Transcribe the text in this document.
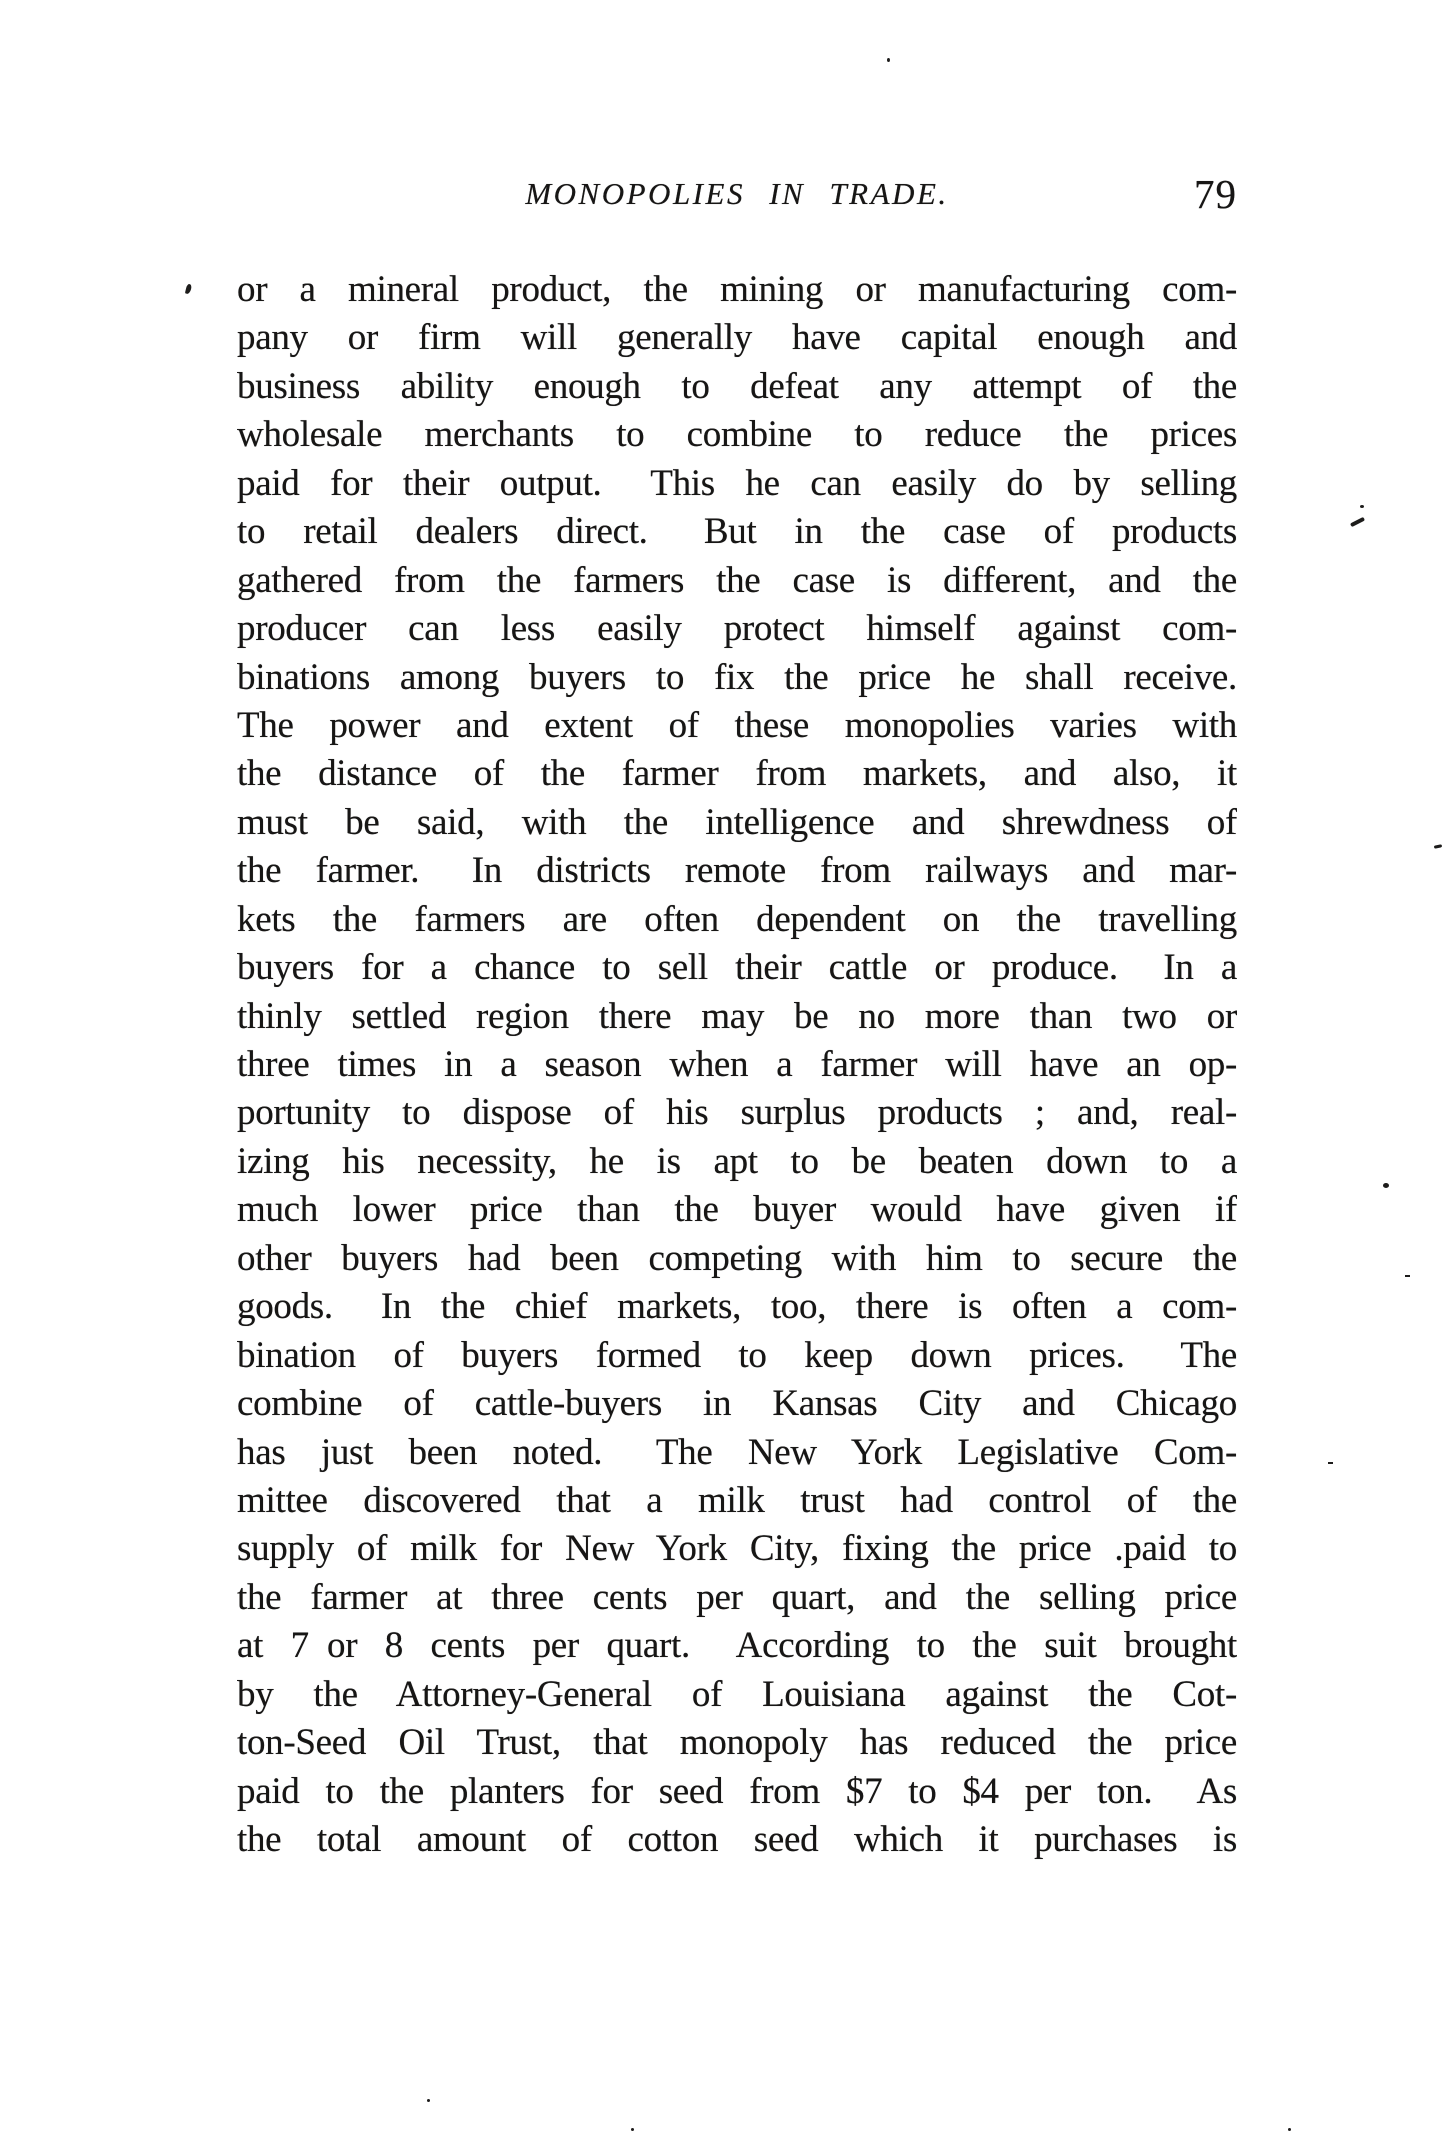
MONOPOLIES IN TRADE.	79
or a mineral product, the mining or manufacturing com-
pany or firm will generally have capital enough and
business ability enough to defeat any attempt of the
wholesale merchants to combine to reduce the prices
paid for their output.  This he can easily do by selling
to retail dealers direct.  But in the case of products
gathered from the farmers the case is different, and the
producer can less easily protect himself against com-
binations among buyers to fix the price he shall receive.
The power and extent of these monopolies varies with
the distance of the farmer from markets, and also, it
must be said, with the intelligence and shrewdness of
the farmer.  In districts remote from railways and mar-
kets the farmers are often dependent on the travelling
buyers for a chance to sell their cattle or produce.  In a
thinly settled region there may be no more than two or
three times in a season when a farmer will have an op-
portunity to dispose of his surplus products ; and, real-
izing his necessity, he is apt to be beaten down to a
much lower price than the buyer would have given if
other buyers had been competing with him to secure the
goods.  In the chief markets, too, there is often a com-
bination of buyers formed to keep down prices.  The
combine of cattle-buyers in Kansas City and Chicago
has just been noted.  The New York Legislative Com-
mittee discovered that a milk trust had control of the
supply of milk for New York City, fixing the price .paid to
the farmer at three cents per quart, and the selling price
at 7 or 8 cents per quart.  According to the suit brought
by the Attorney-General of Louisiana against the Cot-
ton-Seed Oil Trust, that monopoly has reduced the price
paid to the planters for seed from $7 to $4 per ton.  As
the total amount of cotton seed which it purchases is
